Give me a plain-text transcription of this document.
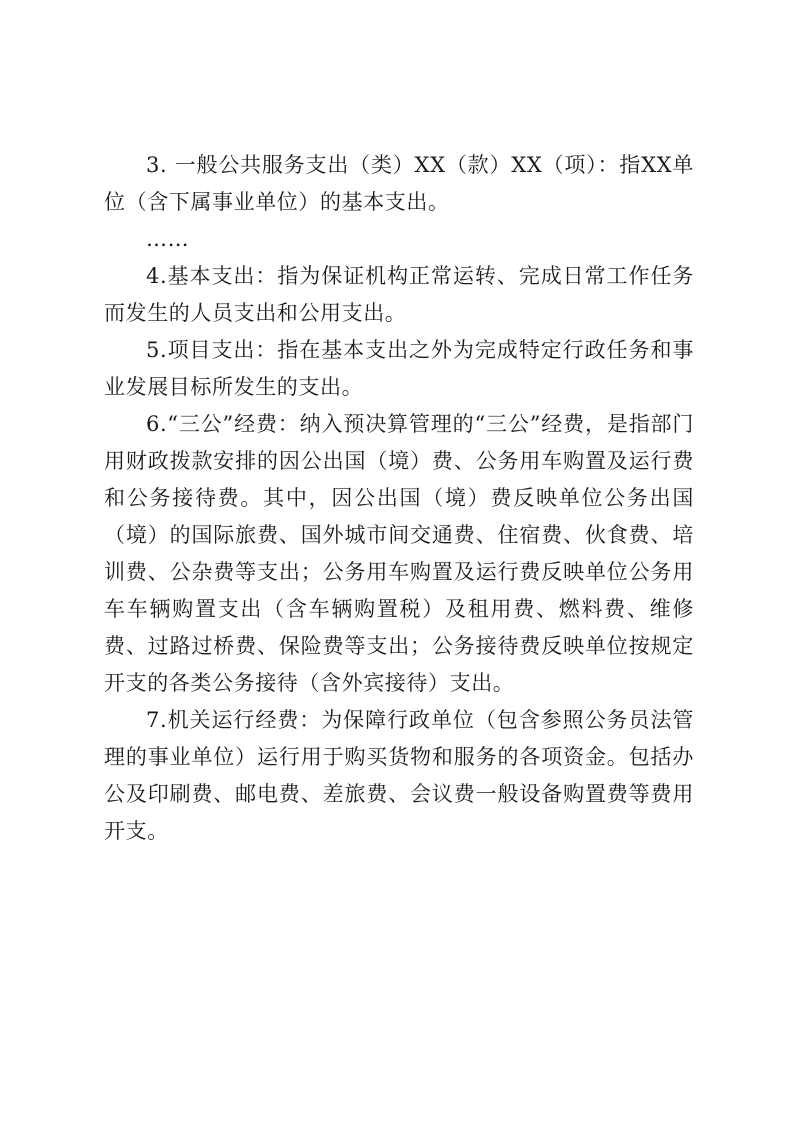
3. 一般公共服务支出（类）XX（款）XX（项）：指XX单位（含下属事业单位）的基本支出。

……

4.基本支出：指为保证机构正常运转、完成日常工作任务而发生的人员支出和公用支出。

5.项目支出：指在基本支出之外为完成特定行政任务和事业发展目标所发生的支出。

6.“三公”经费：纳入预决算管理的“三公”经费，是指部门用财政拨款安排的因公出国（境）费、公务用车购置及运行费和公务接待费。其中，因公出国（境）费反映单位公务出国（境）的国际旅费、国外城市间交通费、住宿费、伙食费、培训费、公杂费等支出；公务用车购置及运行费反映单位公务用车车辆购置支出（含车辆购置税）及租用费、燃料费、维修费、过路过桥费、保险费等支出；公务接待费反映单位按规定开支的各类公务接待（含外宾接待）支出。

7.机关运行经费：为保障行政单位（包含参照公务员法管理的事业单位）运行用于购买货物和服务的各项资金。包括办公及印刷费、邮电费、差旅费、会议费一般设备购置费等费用开支。
